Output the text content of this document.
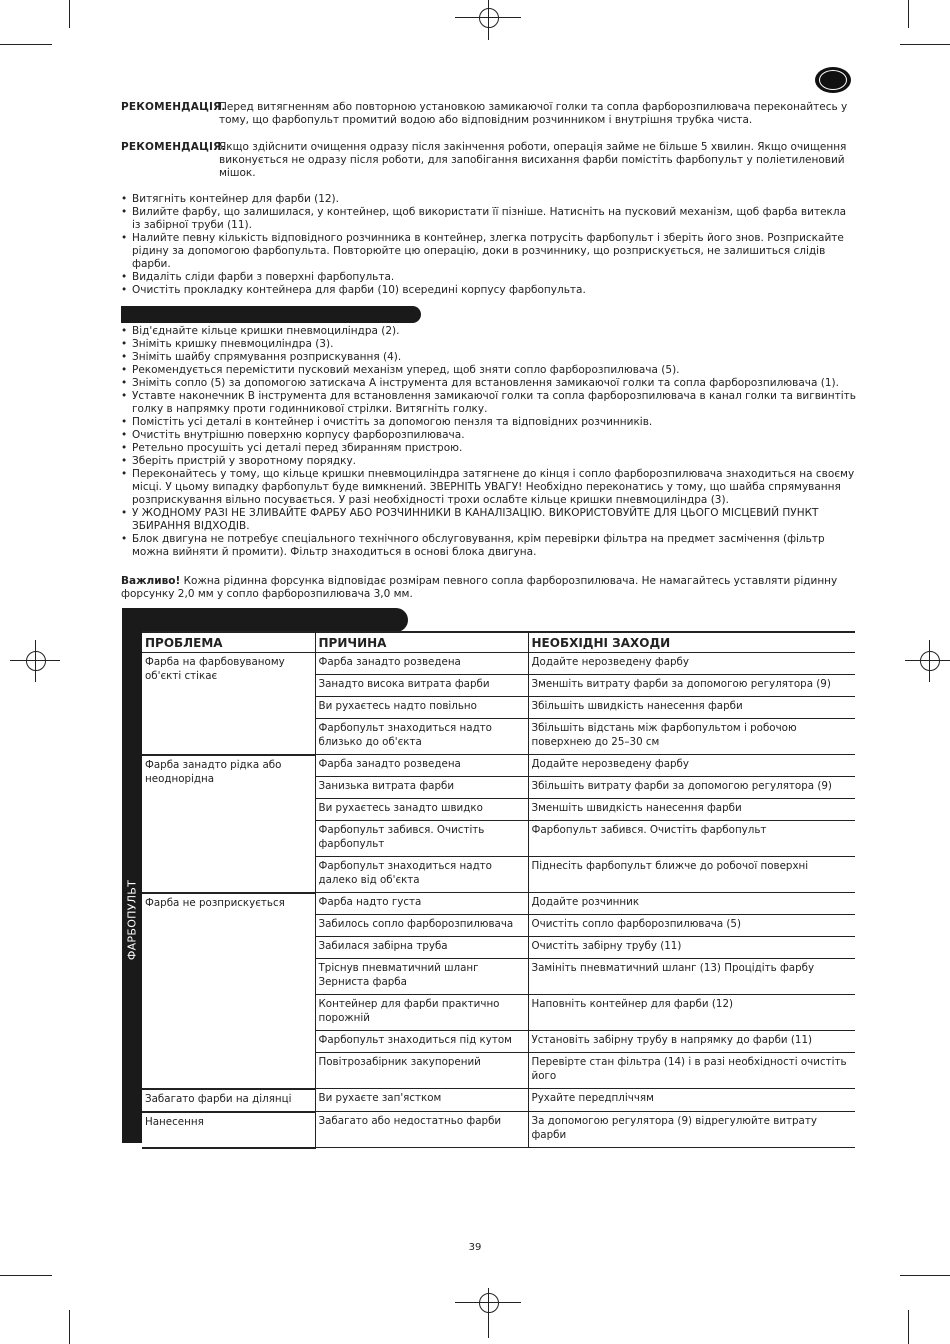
РЕКОМЕНДАЦІЯ.
Перед витягненням або повторною установкою замикаючої голки та сопла фарборозпилювача переконайтесь у тому, що фарбопульт промитий водою або відповідним розчинником і внутрішня трубка чиста.
РЕКОМЕНДАЦІЯ.
Якщо здійснити очищення одразу після закінчення роботи, операція займе не більше 5 хвилин. Якщо очищення виконується не одразу після роботи, для запобігання висихання фарби помістіть фарбопульт у поліетиленовий мішок.
• Витягніть контейнер для фарби (12).
• Вилийте фарбу, що залишилася, у контейнер, щоб використати її пізніше. Натисніть на пусковий механізм, щоб фарба витекла із забірної труби (11).
• Налийте певну кількість відповідного розчинника в контейнер, злегка потрусіть фарбопульт і зберіть його знов. Розприскайте рідину за допомогою фарбопульта. Повторюйте цю операцію, доки в розчиннику, що розприскується, не залишиться слідів фарби.
• Видаліть сліди фарби з поверхні фарбопульта.
• Очистіть прокладку контейнера для фарби (10) всередині корпусу фарбопульта.
• Від'єднайте кільце кришки пневмоциліндра (2).
• Зніміть кришку пневмоциліндра (3).
• Зніміть шайбу спрямування розприскування (4).
• Рекомендується перемістити пусковий механізм уперед, щоб зняти сопло фарборозпилювача (5).
• Зніміть сопло (5) за допомогою затискача A інструмента для встановлення замикаючої голки та сопла фарборозпилювача (1).
• Уставте наконечник B інструмента для встановлення замикаючої голки та сопла фарборозпилювача в канал голки та вигвинтіть голку в напрямку проти годинникової стрілки. Витягніть голку.
• Помістіть усі деталі в контейнер і очистіть за допомогою пензля та відповідних розчинників.
• Очистіть внутрішню поверхню корпусу фарборозпилювача.
• Ретельно просушіть усі деталі перед збиранням пристрою.
• Зберіть пристрій у зворотному порядку.
• Переконайтесь у тому, що кільце кришки пневмоциліндра затягнене до кінця і сопло фарборозпилювача знаходиться на своєму місці. У цьому випадку фарбопульт буде вимкнений. ЗВЕРНІТЬ УВАГУ! Необхідно переконатись у тому, що шайба спрямування розприскування вільно посувається. У разі необхідності трохи ослабте кільце кришки пневмоциліндра (3).
• У ЖОДНОМУ РАЗІ НЕ ЗЛИВАЙТЕ ФАРБУ АБО РОЗЧИННИКИ В КАНАЛІЗАЦІЮ. ВИКОРИСТОВУЙТЕ ДЛЯ ЦЬОГО МІСЦЕВИЙ ПУНКТ ЗБИРАННЯ ВІДХОДІВ.
• Блок двигуна не потребує спеціального технічного обслуговування, крім перевірки фільтра на предмет засмічення (фільтр можна вийняти й промити). Фільтр знаходиться в основі блока двигуна.
Важливо! Кожна рідинна форсунка відповідає розмірам певного сопла фарборозпилювача. Не намагайтесь уставляти рідинну форсунку 2,0 мм у сопло фарборозпилювача 3,0 мм.
ФАРБОПУЛЬТ
ПРОБЛЕМА	ПРИЧИНА	НЕОБХІДНІ ЗАХОДИ
Фарба на фарбовуваному об'єкті стікає	Фарба занадто розведена	Додайте нерозведену фарбу
	Занадто висока витрата фарби	Зменшіть витрату фарби за допомогою регулятора (9)
	Ви рухаєтесь надто повільно	Збільшіть швидкість нанесення фарби
	Фарбопульт знаходиться надто близько до об'єкта	Збільшіть відстань між фарбопультом і робочою поверхнею до 25–30 см
Фарба занадто рідка або неоднорідна	Фарба занадто розведена	Додайте нерозведену фарбу
	Занизька витрата фарби	Збільшіть витрату фарби за допомогою регулятора (9)
	Ви рухаєтесь занадто швидко	Зменшіть швидкість нанесення фарби
	Фарбопульт забився. Очистіть фарбопульт	Фарбопульт забився. Очистіть фарбопульт
	Фарбопульт знаходиться надто далеко від об'єкта	Піднесіть фарбопульт ближче до робочої поверхні
Фарба не розприскується	Фарба надто густа	Додайте розчинник
	Забилось сопло фарборозпилювача	Очистіть сопло фарборозпилювача (5)
	Забилася забірна труба	Очистіть забірну трубу (11)
	Тріснув пневматичний шланг Зерниста фарба	Замініть пневматичний шланг (13) Процідіть фарбу
	Контейнер для фарби практично порожній	Наповніть контейнер для фарби (12)
	Фарбопульт знаходиться під кутом	Установіть забірну трубу в напрямку до фарби (11)
	Повітрозабірник закупорений	Перевірте стан фільтра (14) і в разі необхідності очистіть його
Забагато фарби на ділянці	Ви рухаєте зап'ястком	Рухайте передпліччям
Нанесення	Забагато або недостатньо фарби	За допомогою регулятора (9) відрегулюйте витрату фарби
39
